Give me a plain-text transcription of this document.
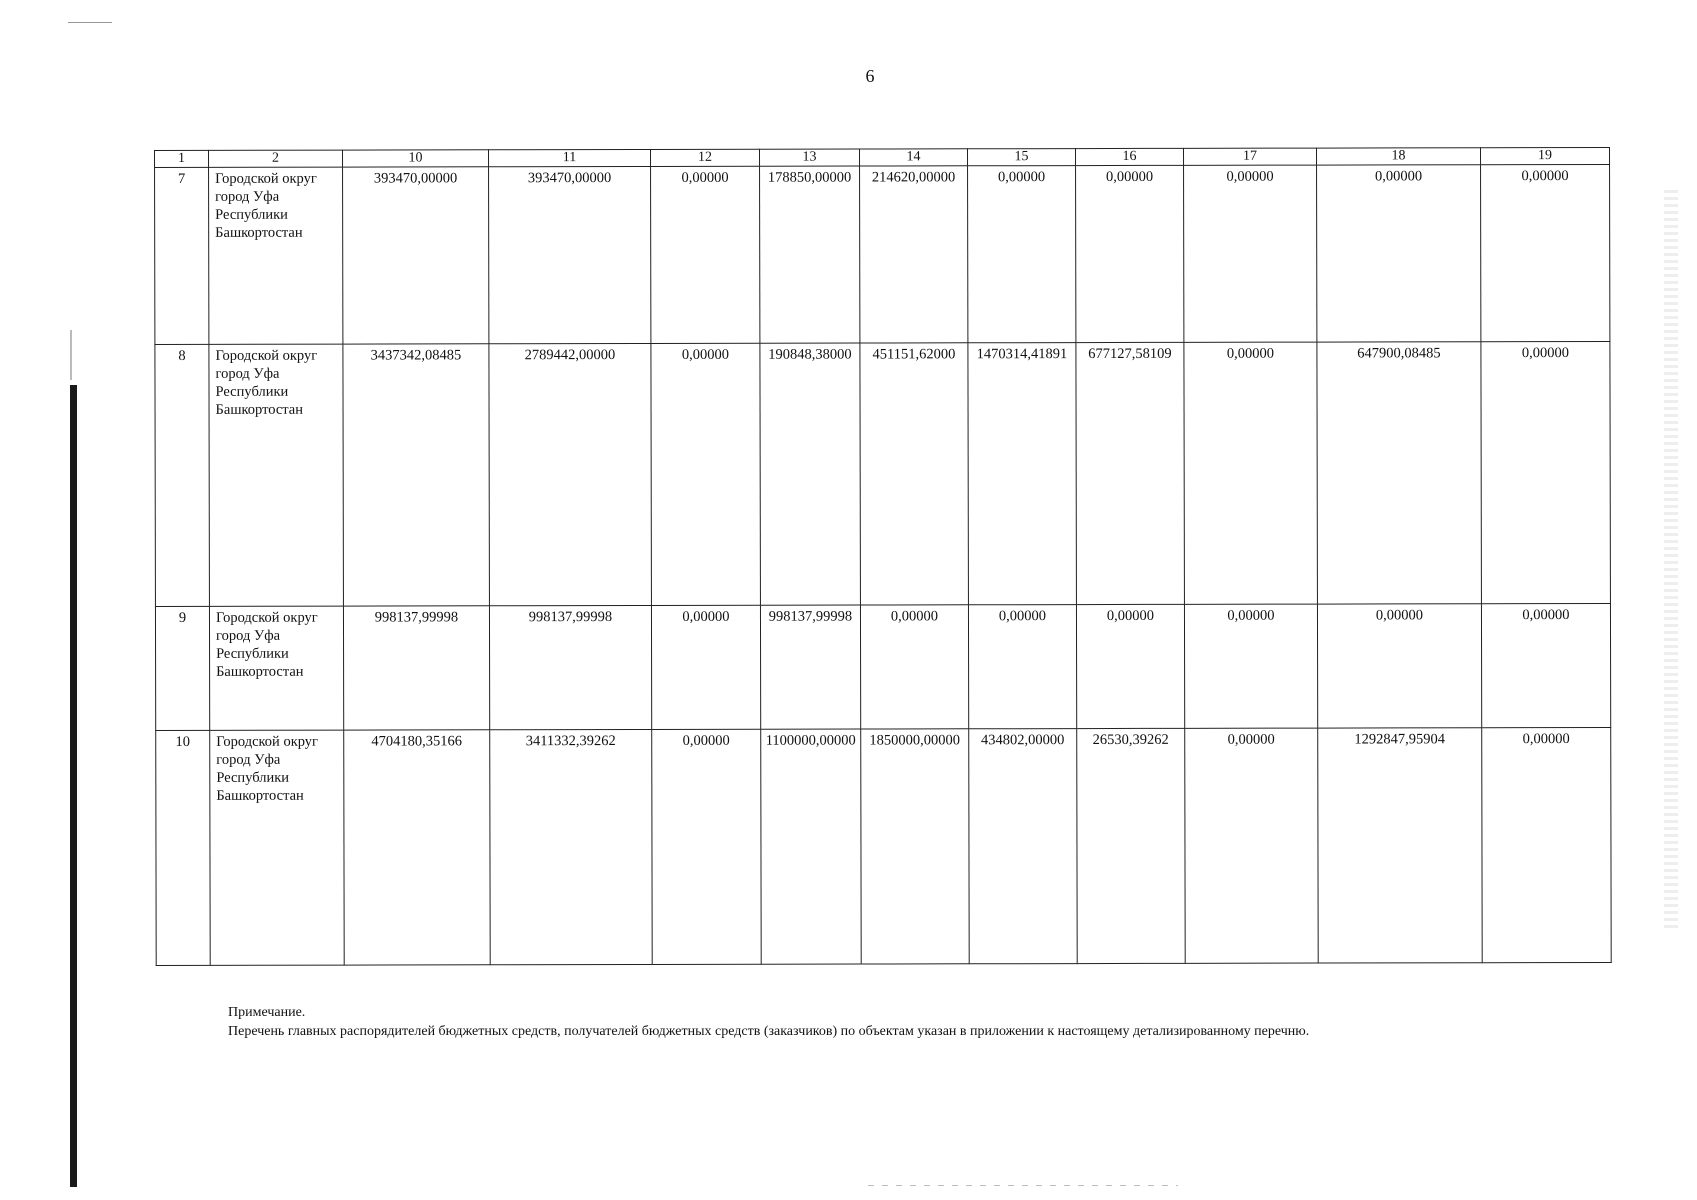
6
1	2	10	11	12	13	14	15	16	17	18	19
7	Городской округ
город Уфа
Республики
Башкортостан	393470,00000	393470,00000	0,00000	178850,00000	214620,00000	0,00000	0,00000	0,00000	0,00000	0,00000
8	Городской округ
город Уфа
Республики
Башкортостан	3437342,08485	2789442,00000	0,00000	190848,38000	451151,62000	1470314,41891	677127,58109	0,00000	647900,08485	0,00000
9	Городской округ
город Уфа
Республики
Башкортостан	998137,99998	998137,99998	0,00000	998137,99998	0,00000	0,00000	0,00000	0,00000	0,00000	0,00000
10	Городской округ
город Уфа
Республики
Башкортостан	4704180,35166	3411332,39262	0,00000	1100000,00000	1850000,00000	434802,00000	26530,39262	0,00000	1292847,95904	0,00000
Примечание.
Перечень главных распорядителей бюджетных средств, получателей бюджетных средств (заказчиков) по объектам указан в приложении к настоящему детализированному перечню.
